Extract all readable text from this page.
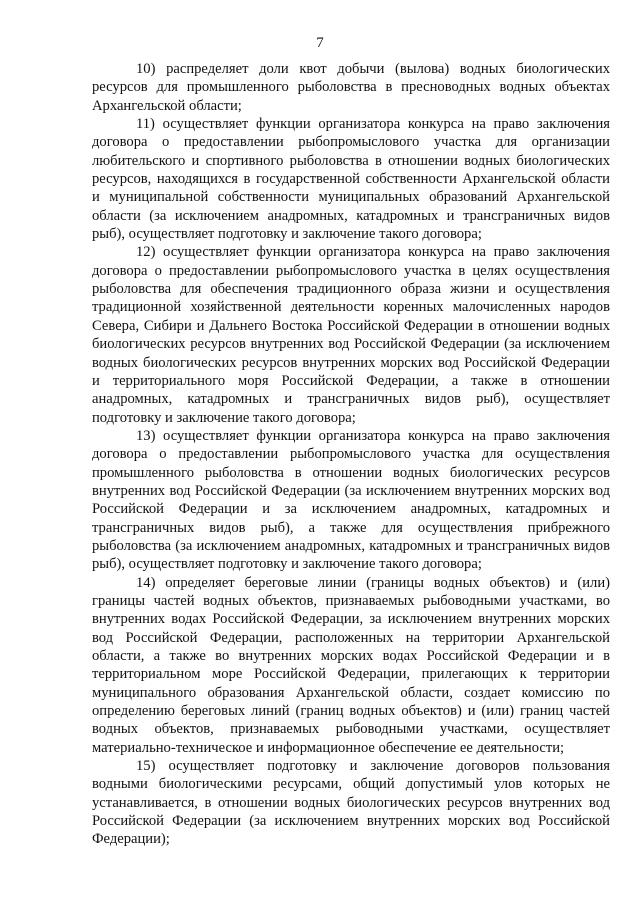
7

10) распределяет доли квот добычи (вылова) водных биологических ресурсов для промышленного рыболовства в пресноводных водных объектах Архангельской области;

11) осуществляет функции организатора конкурса на право заключения договора о предоставлении рыбопромыслового участка для организации любительского и спортивного рыболовства в отношении водных биологических ресурсов, находящихся в государственной собственности Архангельской области и муниципальной собственности муниципальных образований Архангельской области (за исключением анадромных, катадромных и трансграничных видов рыб), осуществляет подготовку и заключение такого договора;

12) осуществляет функции организатора конкурса на право заключения договора о предоставлении рыбопромыслового участка в целях осуществления рыболовства для обеспечения традиционного образа жизни и осуществления традиционной хозяйственной деятельности коренных малочисленных народов Севера, Сибири и Дальнего Востока Российской Федерации в отношении водных биологических ресурсов внутренних вод Российской Федерации (за исключением водных биологических ресурсов внутренних морских вод Российской Федерации и территориального моря Российской Федерации, а также в отношении анадромных, катадромных и трансграничных видов рыб), осуществляет подготовку и заключение такого договора;

13) осуществляет функции организатора конкурса на право заключения договора о предоставлении рыбопромыслового участка для осуществления промышленного рыболовства в отношении водных биологических ресурсов внутренних вод Российской Федерации (за исключением внутренних морских вод Российской Федерации и за исключением анадромных, катадромных и трансграничных видов рыб), а также для осуществления прибрежного рыболовства (за исключением анадромных, катадромных и трансграничных видов рыб), осуществляет подготовку и заключение такого договора;

14) определяет береговые линии (границы водных объектов) и (или) границы частей водных объектов, признаваемых рыбоводными участками, во внутренних водах Российской Федерации, за исключением внутренних морских вод Российской Федерации, расположенных на территории Архангельской области, а также во внутренних морских водах Российской Федерации и в территориальном море Российской Федерации, прилегающих к территории муниципального образования Архангельской области, создает комиссию по определению береговых линий (границ водных объектов) и (или) границ частей водных объектов, признаваемых рыбоводными участками, осуществляет материально-техническое и информационное обеспечение ее деятельности;

15) осуществляет подготовку и заключение договоров пользования водными биологическими ресурсами, общий допустимый улов которых не устанавливается, в отношении водных биологических ресурсов внутренних вод Российской Федерации (за исключением внутренних морских вод Российской Федерации);
